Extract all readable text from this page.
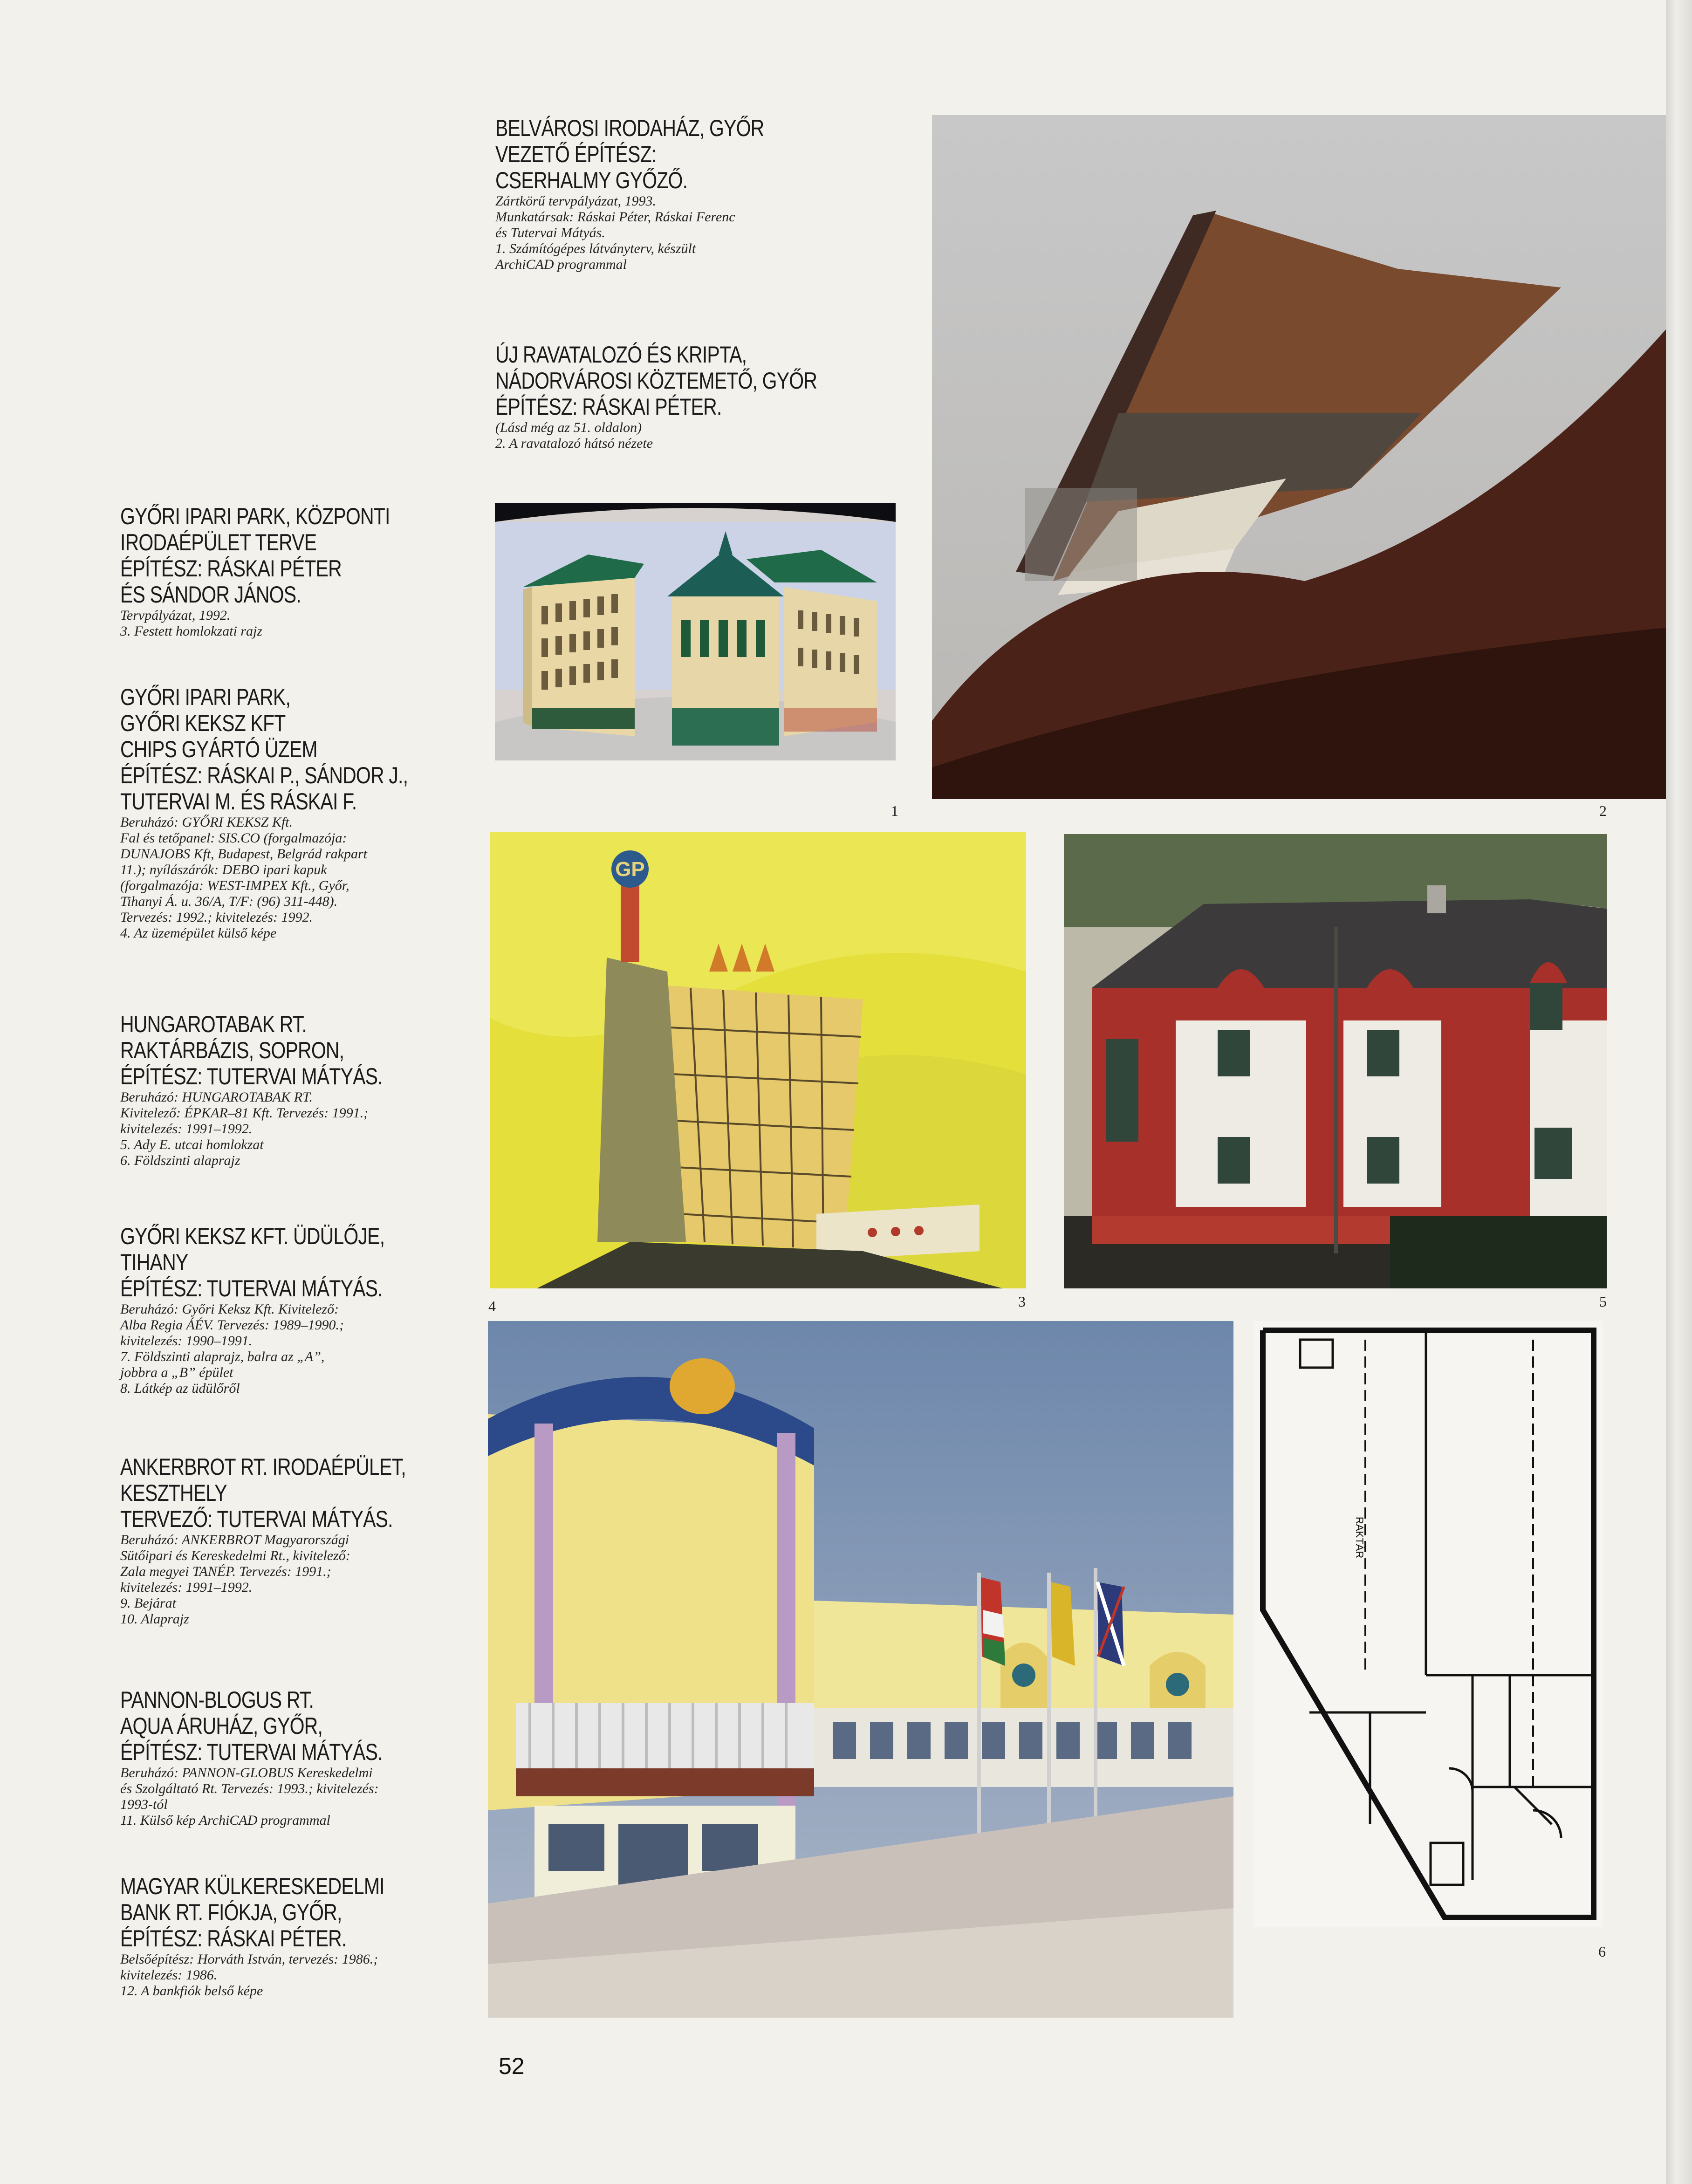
BELVÁROSI IRODAHÁZ, GYŐR
VEZETŐ ÉPÍTÉSZ:
CSERHALMY GYŐZŐ.
Zártkörű tervpályázat, 1993.
Munkatársak: Ráskai Péter, Ráskai Ferenc
és Tutervai Mátyás.
1. Számítógépes látványterv, készült
ArchiCAD programmal
ÚJ RAVATALOZÓ ÉS KRIPTA,
NÁDORVÁROSI KÖZTEMETŐ, GYŐR
ÉPÍTÉSZ: RÁSKAI PÉTER.
(Lásd még az 51. oldalon)
2. A ravatalozó hátsó nézete
GYŐRI IPARI PARK, KÖZPONTI
IRODAÉPÜLET TERVE
ÉPÍTÉSZ: RÁSKAI PÉTER
ÉS SÁNDOR JÁNOS.
Tervpályázat, 1992.
3. Festett homlokzati rajz
GYŐRI IPARI PARK,
GYŐRI KEKSZ KFT
CHIPS GYÁRTÓ ÜZEM
ÉPÍTÉSZ: RÁSKAI P., SÁNDOR J.,
TUTERVAI M. ÉS RÁSKAI F.
Beruházó: GYŐRI KEKSZ Kft.
Fal és tetőpanel: SIS.CO (forgalmazója:
DUNAJOBS Kft, Budapest, Belgrád rakpart
11.); nyílászárók: DEBO ipari kapuk
(forgalmazója: WEST-IMPEX Kft., Győr,
Tihanyi Á. u. 36/A, T/F: (96) 311-448).
Tervezés: 1992.; kivitelezés: 1992.
4. Az üzemépület külső képe
HUNGAROTABAK RT.
RAKTÁRBÁZIS, SOPRON,
ÉPÍTÉSZ: TUTERVAI MÁTYÁS.
Beruházó: HUNGAROTABAK RT.
Kivitelező: ÉPKAR–81 Kft. Tervezés: 1991.;
kivitelezés: 1991–1992.
5. Ady E. utcai homlokzat
6. Földszinti alaprajz
GYŐRI KEKSZ KFT. ÜDÜLŐJE,
TIHANY
ÉPÍTÉSZ: TUTERVAI MÁTYÁS.
Beruházó: Győri Keksz Kft. Kivitelező:
Alba Regia ÁÉV. Tervezés: 1989–1990.;
kivitelezés: 1990–1991.
7. Földszinti alaprajz, balra az „A”,
jobbra a „B” épület
8. Látkép az üdülőről
ANKERBROT RT. IRODAÉPÜLET,
KESZTHELY
TERVEZŐ: TUTERVAI MÁTYÁS.
Beruházó: ANKERBROT Magyarországi
Sütőipari és Kereskedelmi Rt., kivitelező:
Zala megyei TANÉP. Tervezés: 1991.;
kivitelezés: 1991–1992.
9. Bejárat
10. Alaprajz
PANNON-BLOGUS RT.
AQUA ÁRUHÁZ, GYŐR,
ÉPÍTÉSZ: TUTERVAI MÁTYÁS.
Beruházó: PANNON-GLOBUS Kereskedelmi
és Szolgáltató Rt. Tervezés: 1993.; kivitelezés:
1993-tól
11. Külső kép ArchiCAD programmal
MAGYAR KÜLKERESKEDELMI
BANK RT. FIÓKJA, GYŐR,
ÉPÍTÉSZ: RÁSKAI PÉTER.
Belsőépítész: Horváth István, tervezés: 1986.;
kivitelezés: 1986.
12. A bankfiók belső képe
1	2
GP
4	3	5
RAKTÁR
6
52
